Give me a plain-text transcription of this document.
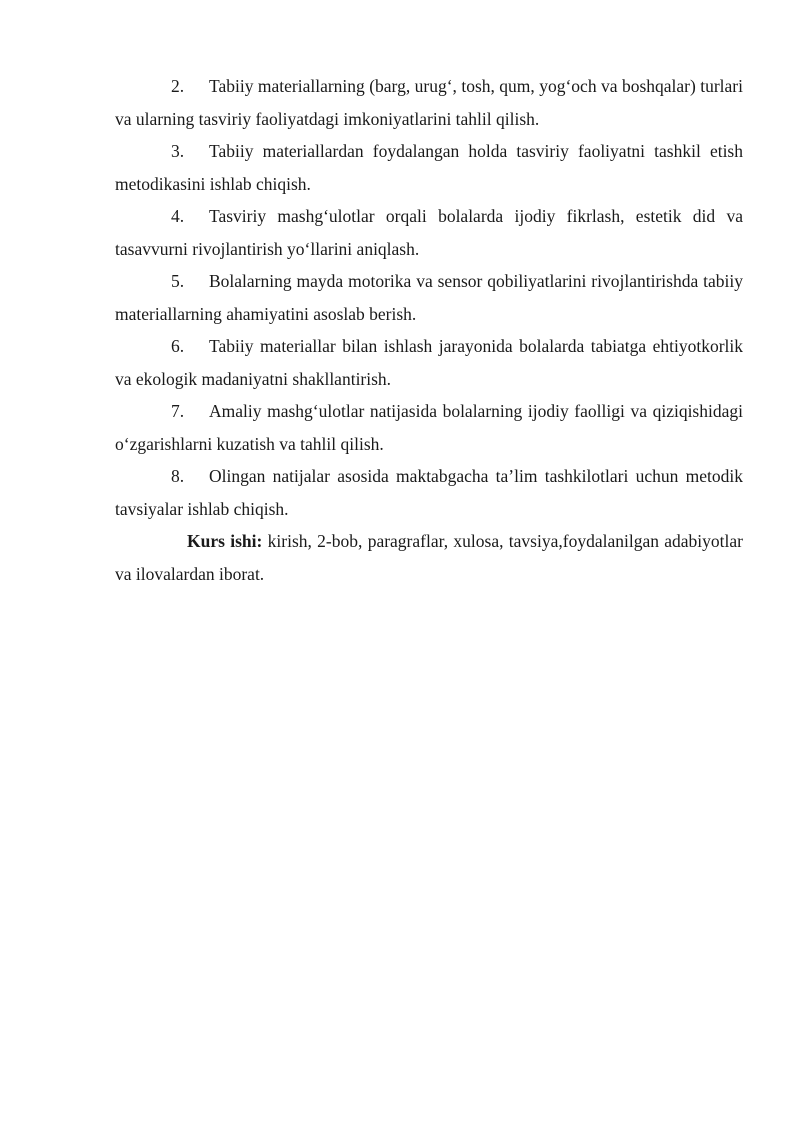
2. Tabiiy materiallarning (barg, urug‘, tosh, qum, yog‘och va boshqalar) turlari va ularning tasviriy faoliyatdagi imkoniyatlarini tahlil qilish.

3. Tabiiy materiallardan foydalangan holda tasviriy faoliyatni tashkil etish metodikasini ishlab chiqish.

4. Tasviriy mashg‘ulotlar orqali bolalarda ijodiy fikrlash, estetik did va tasavvurni rivojlantirish yo‘llarini aniqlash.

5. Bolalarning mayda motorika va sensor qobiliyatlarini rivojlantirishda tabiiy materiallarning ahamiyatini asoslab berish.

6. Tabiiy materiallar bilan ishlash jarayonida bolalarda tabiatga ehtiyotkorlik va ekologik madaniyatni shakllantirish.

7. Amaliy mashg‘ulotlar natijasida bolalarning ijodiy faolligi va qiziqishidagi o‘zgarishlarni kuzatish va tahlil qilish.

8. Olingan natijalar asosida maktabgacha ta’lim tashkilotlari uchun metodik tavsiyalar ishlab chiqish.

Kurs ishi: kirish, 2-bob, paragraflar, xulosa, tavsiya,foydalanilgan adabiyotlar va ilovalardan iborat.
